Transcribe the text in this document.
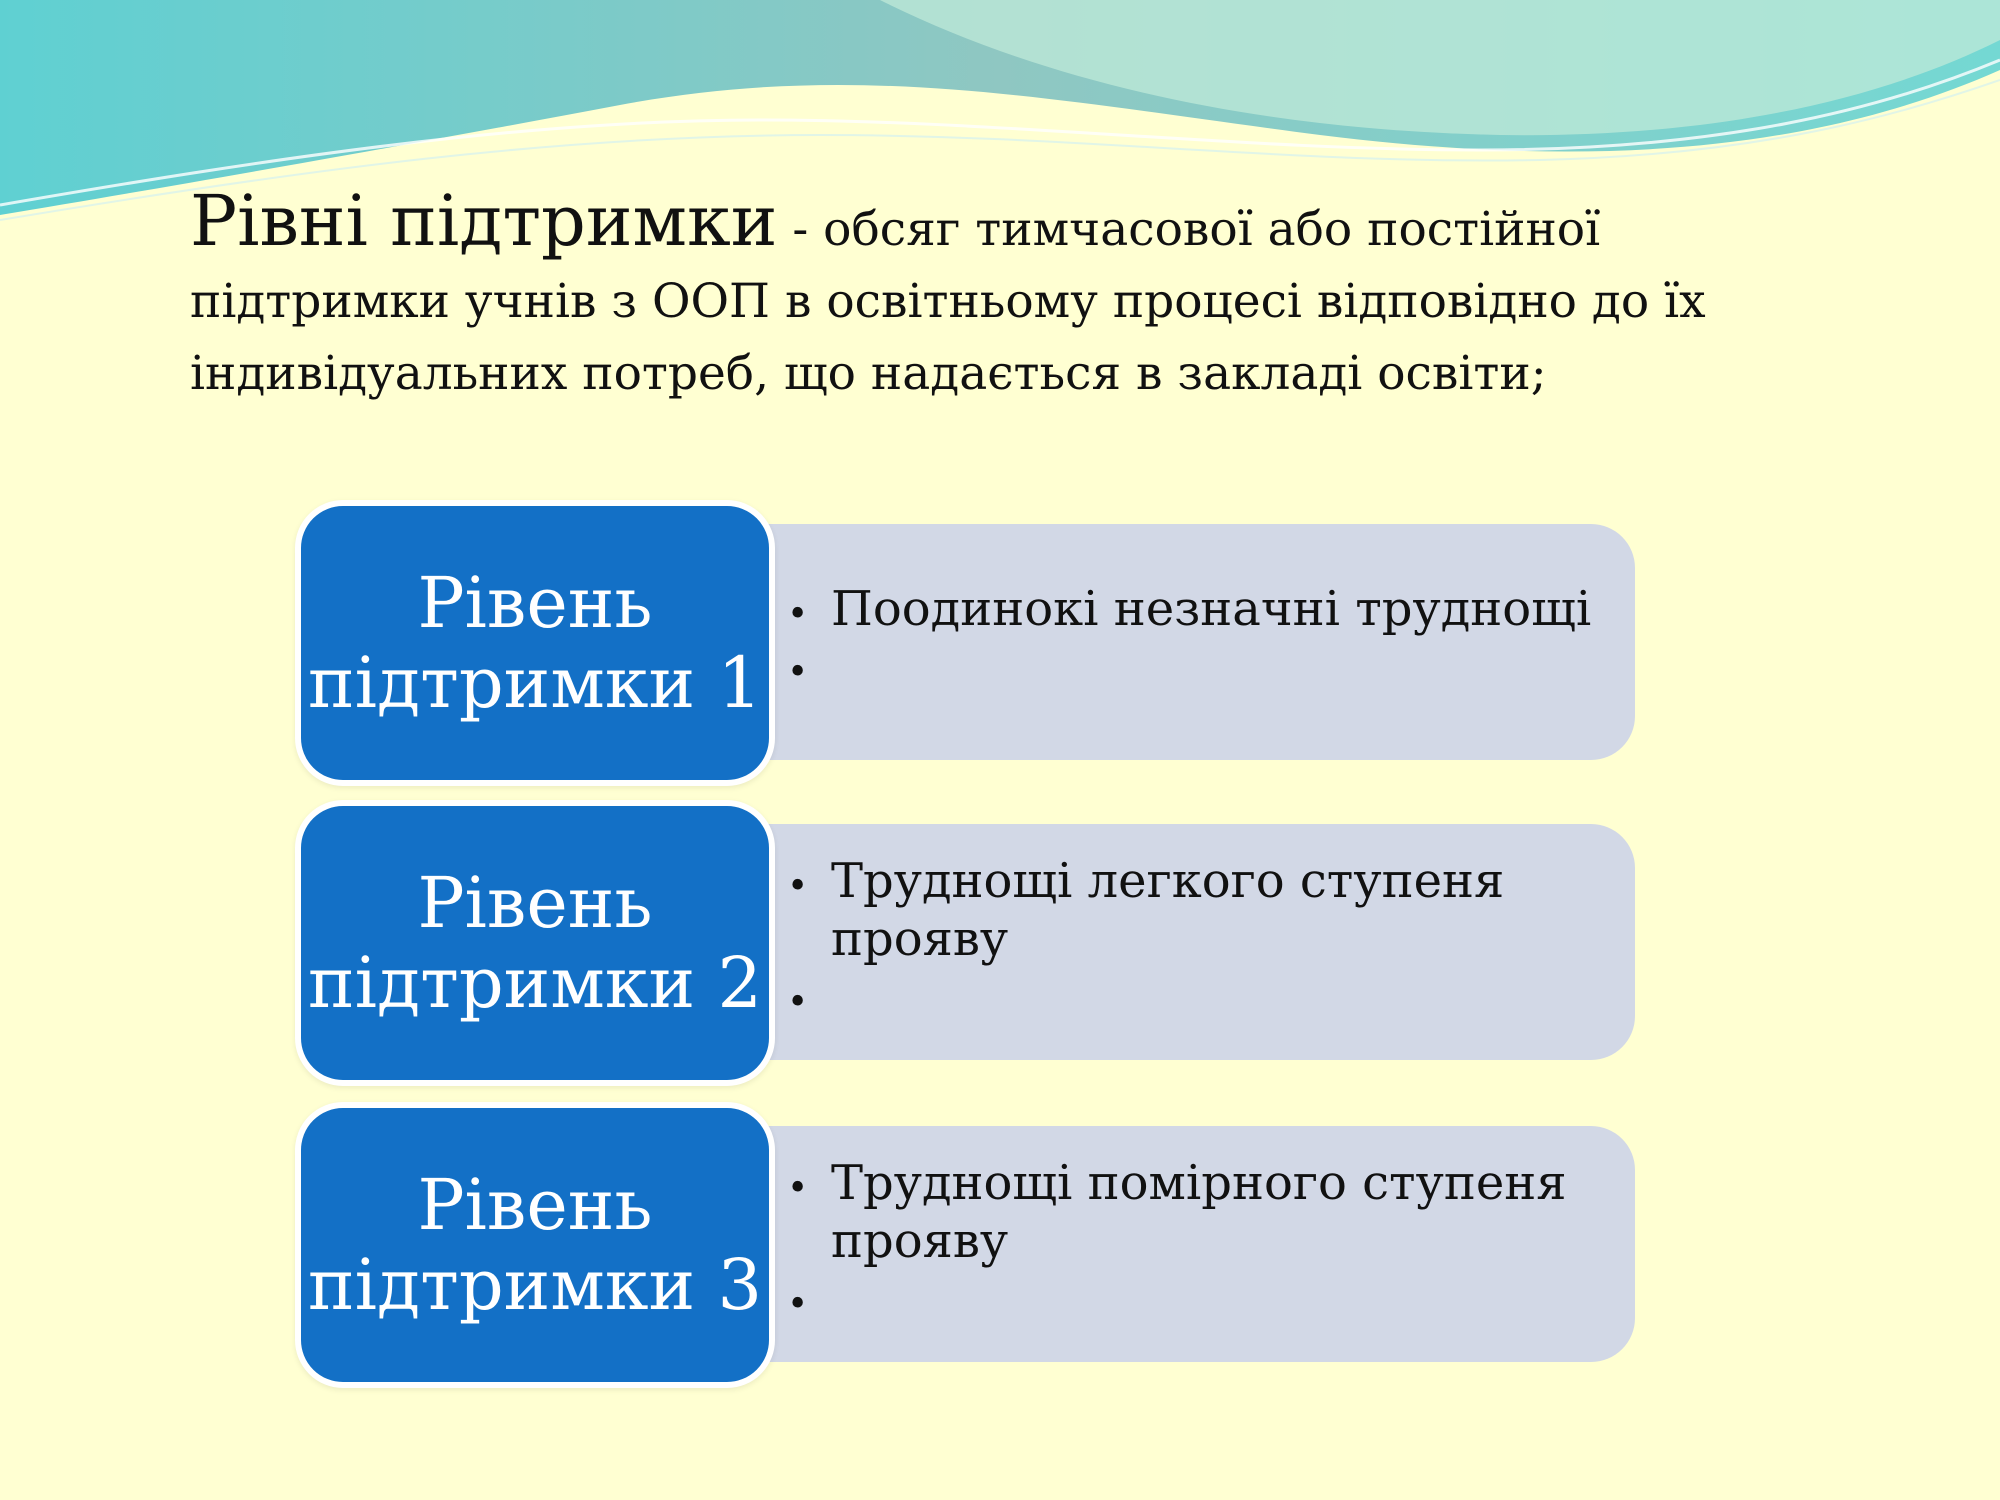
Рівні підтримки - обсяг тимчасової або постійної підтримки учнів з ООП в освітньому процесі відповідно до їх індивідуальних потреб, що надається в закладі освіти;
• Поодинокі незначні труднощі
•
Рівень
підтримки 1
• Труднощі легкого ступеня прояву
•
Рівень
підтримки 2
• Труднощі помірного ступеня прояву
•
Рівень
підтримки 3
